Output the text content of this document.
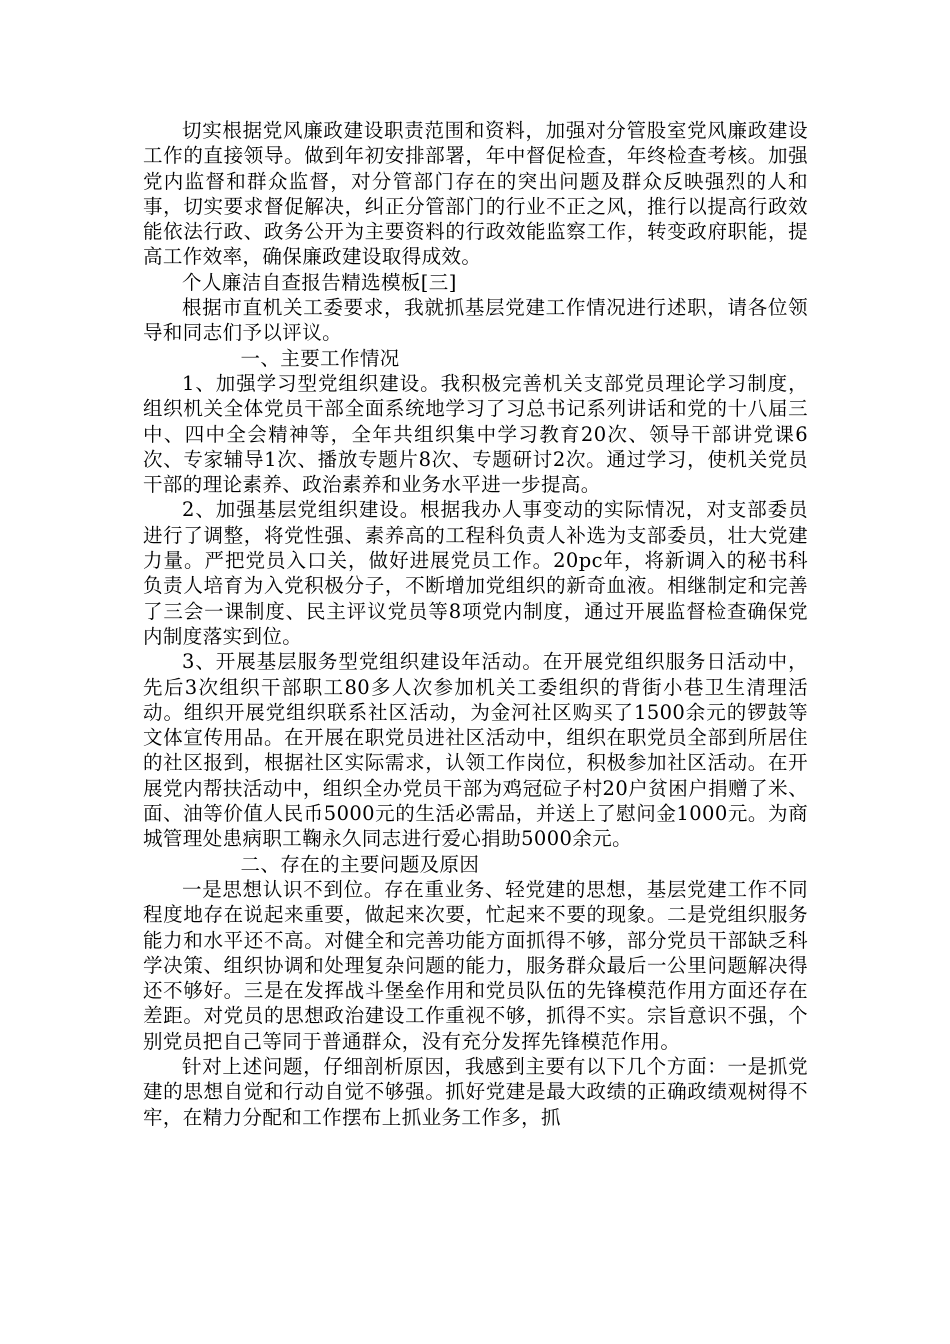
切实根据党风廉政建设职责范围和资料，加强对分管股室党风廉政建设工作的直接领导。做到年初安排部署，年中督促检查，年终检查考核。加强党内监督和群众监督，对分管部门存在的突出问题及群众反映强烈的人和事，切实要求督促解决，纠正分管部门的行业不正之风，推行以提高行政效能依法行政、政务公开为主要资料的行政效能监察工作，转变政府职能，提高工作效率，确保廉政建设取得成效。

个人廉洁自查报告精选模板[三]

根据市直机关工委要求，我就抓基层党建工作情况进行述职，请各位领导和同志们予以评议。

一、主要工作情况

1、加强学习型党组织建设。我积极完善机关支部党员理论学习制度，组织机关全体党员干部全面系统地学习了习总书记系列讲话和党的十八届三中、四中全会精神等，全年共组织集中学习教育20次、领导干部讲党课6次、专家辅导1次、播放专题片8次、专题研讨2次。通过学习，使机关党员干部的理论素养、政治素养和业务水平进一步提高。

2、加强基层党组织建设。根据我办人事变动的实际情况，对支部委员进行了调整，将党性强、素养高的工程科负责人补选为支部委员，壮大党建力量。严把党员入口关，做好进展党员工作。20pc年，将新调入的秘书科负责人培育为入党积极分子，不断增加党组织的新奇血液。相继制定和完善了三会一课制度、民主评议党员等8项党内制度，通过开展监督检查确保党内制度落实到位。

3、开展基层服务型党组织建设年活动。在开展党组织服务日活动中，先后3次组织干部职工80多人次参加机关工委组织的背街小巷卫生清理活动。组织开展党组织联系社区活动，为金河社区购买了1500余元的锣鼓等文体宣传用品。在开展在职党员进社区活动中，组织在职党员全部到所居住的社区报到，根据社区实际需求，认领工作岗位，积极参加社区活动。在开展党内帮扶活动中，组织全办党员干部为鸡冠砬子村20户贫困户捐赠了米、面、油等价值人民币5000元的生活必需品，并送上了慰问金1000元。为商城管理处患病职工鞠永久同志进行爱心捐助5000余元。

二、存在的主要问题及原因

一是思想认识不到位。存在重业务、轻党建的思想，基层党建工作不同程度地存在说起来重要，做起来次要，忙起来不要的现象。二是党组织服务能力和水平还不高。对健全和完善功能方面抓得不够，部分党员干部缺乏科学决策、组织协调和处理复杂问题的能力，服务群众最后一公里问题解决得还不够好。三是在发挥战斗堡垒作用和党员队伍的先锋模范作用方面还存在差距。对党员的思想政治建设工作重视不够，抓得不实。宗旨意识不强，个别党员把自己等同于普通群众，没有充分发挥先锋模范作用。

针对上述问题，仔细剖析原因，我感到主要有以下几个方面：一是抓党建的思想自觉和行动自觉不够强。抓好党建是最大政绩的正确政绩观树得不牢，在精力分配和工作摆布上抓业务工作多，抓
